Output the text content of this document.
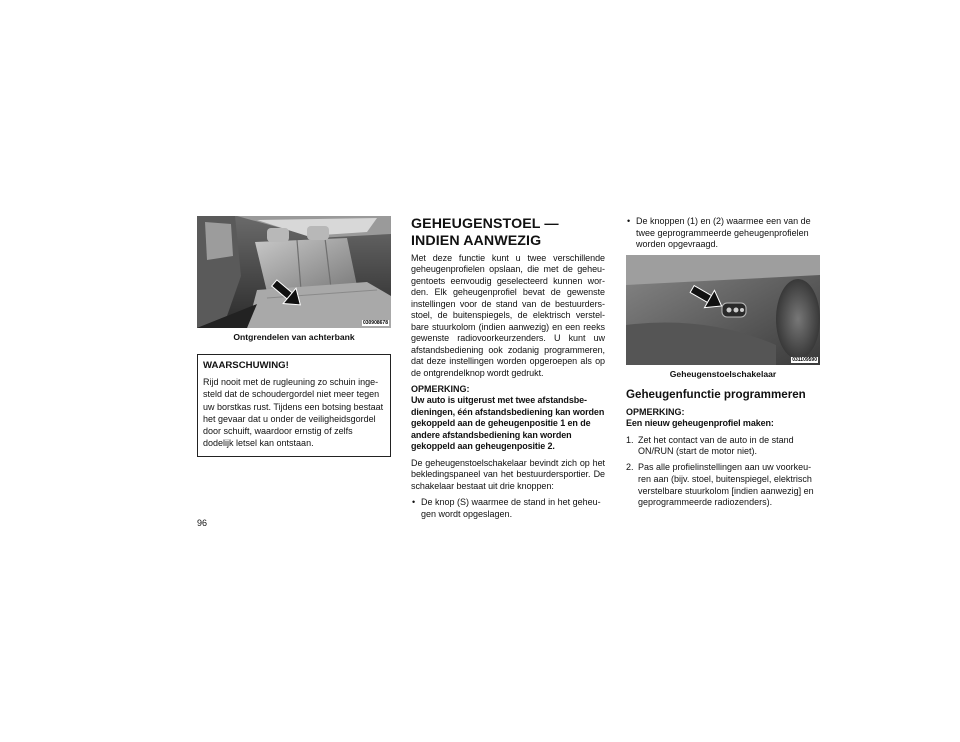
030908678

Ontgrendelen van achterbank

WAARSCHUWING!

Rijd nooit met de rugleuning zo schuin ingesteld dat de schoudergordel niet meer tegen uw borstkas rust. Tijdens een botsing bestaat het gevaar dat u onder de veiligheidsgordel door schuift, waardoor ernstig of zelfs dodelijk letsel kan ontstaan.

96
GEHEUGENSTOEL — INDIEN AANWEZIG

Met deze functie kunt u twee verschillende geheugenprofielen opslaan, die met de geheugentoets eenvoudig geselecteerd kunnen worden. Elk geheugenprofiel bevat de gewenste instellingen voor de stand van de bestuurdersstoel, de buitenspiegels, de elektrisch verstelbare stuurkolom (indien aanwezig) en een reeks gewenste radiovoorkeurzenders. U kunt uw afstandsbediening ook zodanig programmeren, dat deze instellingen worden opgeroepen als op de ontgrendelknop wordt gedrukt.

OPMERKING:

Uw auto is uitgerust met twee afstandsbedieningen, één afstandsbediening kan worden gekoppeld aan de geheugenpositie 1 en de andere afstandsbediening kan worden gekoppeld aan geheugenpositie 2.

De geheugenstoelschakelaar bevindt zich op het bekledingspaneel van het bestuurdersportier. De schakelaar bestaat uit drie knoppen:

• De knop (S) waarmee de stand in het geheugen wordt opgeslagen.
• De knoppen (1) en (2) waarmee een van de twee geprogrammeerde geheugenprofielen worden opgevraagd.
031109590

Geheugenstoelschakelaar

Geheugenfunctie programmeren

OPMERKING:

Een nieuw geheugenprofiel maken:

1. Zet het contact van de auto in de stand ON/RUN (start de motor niet).
2. Pas alle profielinstellingen aan uw voorkeuren aan (bijv. stoel, buitenspiegel, elektrisch verstelbare stuurkolom [indien aanwezig] en geprogrammeerde radiozenders).
